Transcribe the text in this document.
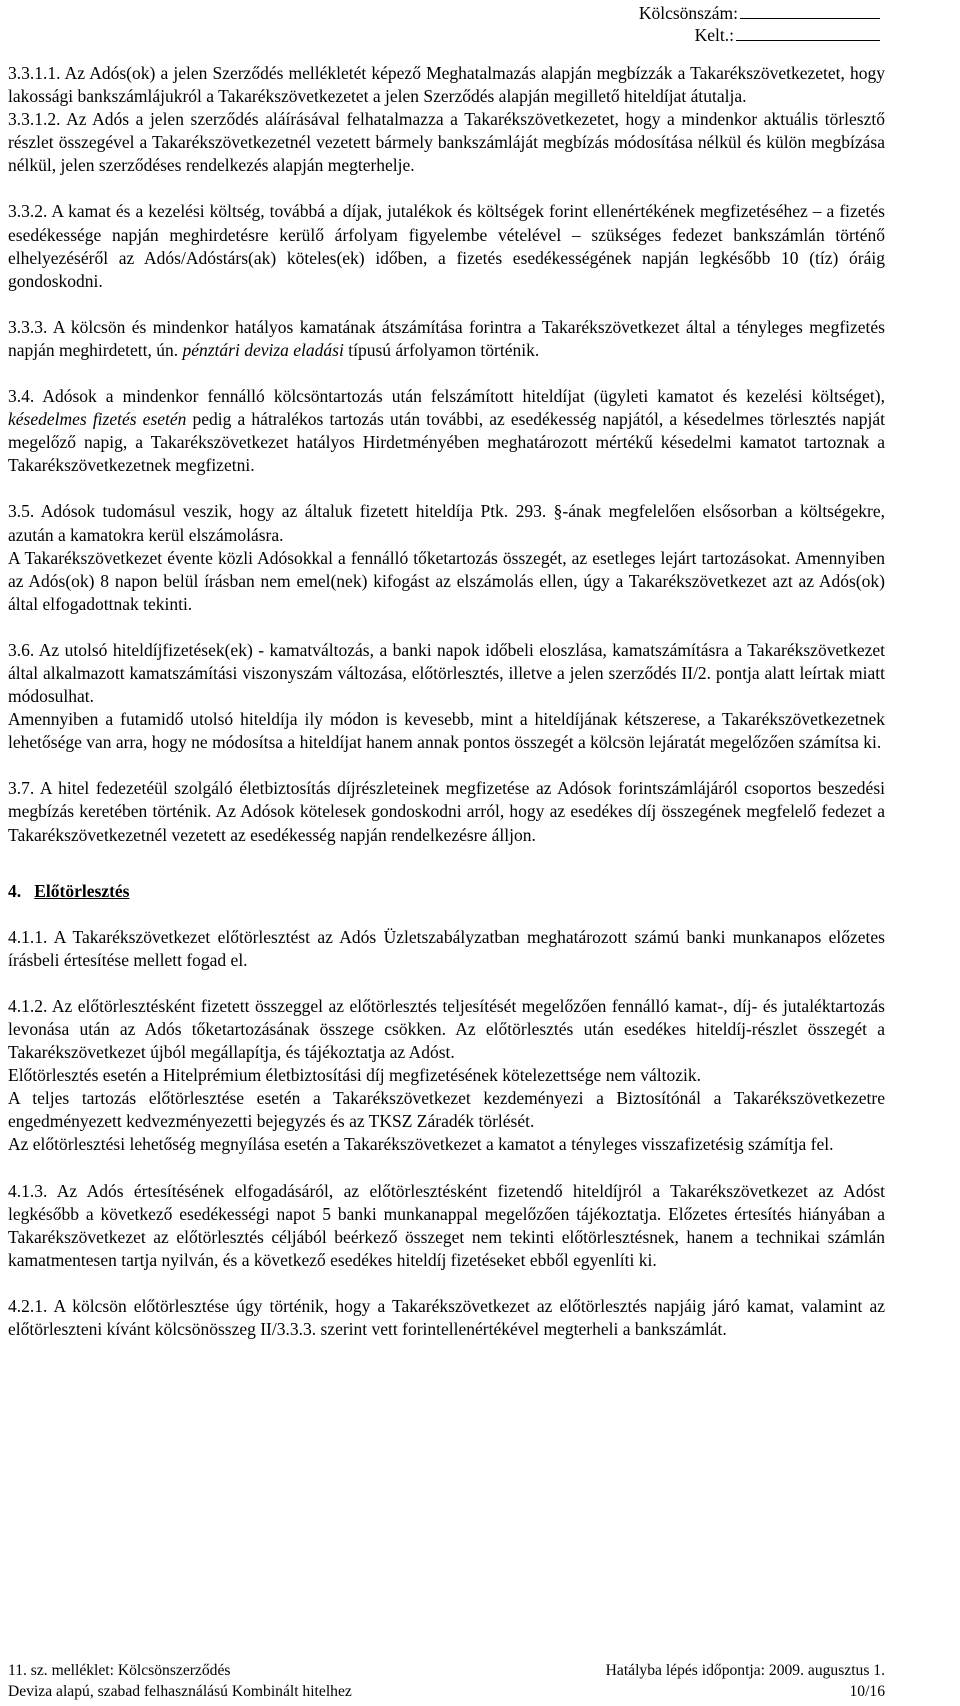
Kölcsönszám:
Kelt.:

3.3.1.1. Az Adós(ok) a jelen Szerződés mellékletét képező Meghatalmazás alapján megbízzák a Takarékszövetkezetet, hogy lakossági bankszámlájukról a Takarékszövetkezetet a jelen Szerződés alapján megillető hiteldíjat átutalja.

3.3.1.2. Az Adós a jelen szerződés aláírásával felhatalmazza a Takarékszövetkezetet, hogy a mindenkor aktuális törlesztő részlet összegével a Takarékszövetkezetnél vezetett bármely bankszámláját megbízás módosítása nélkül és külön megbízása nélkül, jelen szerződéses rendelkezés alapján megterhelje.

3.3.2. A kamat és a kezelési költség, továbbá a díjak, jutalékok és költségek forint ellenértékének megfizetéséhez – a fizetés esedékessége napján meghirdetésre kerülő árfolyam figyelembe vételével – szükséges fedezet bankszámlán történő elhelyezéséről az Adós/Adóstárs(ak) köteles(ek) időben, a fizetés esedékességének napján legkésőbb 10 (tíz) óráig gondoskodni.

3.3.3. A kölcsön és mindenkor hatályos kamatának átszámítása forintra a Takarékszövetkezet által a tényleges megfizetés napján meghirdetett, ún. pénztári deviza eladási típusú árfolyamon történik.

3.4. Adósok a mindenkor fennálló kölcsöntartozás után felszámított hiteldíjat (ügyleti kamatot és kezelési költséget), késedelmes fizetés esetén pedig a hátralékos tartozás után további, az esedékesség napjától, a késedelmes törlesztés napját megelőző napig, a Takarékszövetkezet hatályos Hirdetményében meghatározott mértékű késedelmi kamatot tartoznak a Takarékszövetkezetnek megfizetni.

3.5. Adósok tudomásul veszik, hogy az általuk fizetett hiteldíja Ptk. 293. §-ának megfelelően elsősorban a költségekre, azután a kamatokra kerül elszámolásra.

A Takarékszövetkezet évente közli Adósokkal a fennálló tőketartozás összegét, az esetleges lejárt tartozásokat. Amennyiben az Adós(ok) 8 napon belül írásban nem emel(nek) kifogást az elszámolás ellen, úgy a Takarékszövetkezet azt az Adós(ok) által elfogadottnak tekinti.

3.6. Az utolsó hiteldíjfizetések(ek) - kamatváltozás, a banki napok időbeli eloszlása, kamatszámításra a Takarékszövetkezet által alkalmazott kamatszámítási viszonyszám változása, előtörlesztés, illetve a jelen szerződés II/2. pontja alatt leírtak miatt módosulhat.

Amennyiben a futamidő utolsó hiteldíja ily módon is kevesebb, mint a hiteldíjának kétszerese, a Takarékszövetkezetnek lehetősége van arra, hogy ne módosítsa a hiteldíjat hanem annak pontos összegét a kölcsön lejáratát megelőzően számítsa ki.

3.7. A hitel fedezetéül szolgáló életbiztosítás díjrészleteinek megfizetése az Adósok forintszámlájáról csoportos beszedési megbízás keretében történik. Az Adósok kötelesek gondoskodni arról, hogy az esedékes díj összegének megfelelő fedezet a Takarékszövetkezetnél vezetett az esedékesség napján rendelkezésre álljon.

4. Előtörlesztés

4.1.1. A Takarékszövetkezet előtörlesztést az Adós Üzletszabályzatban meghatározott számú banki munkanapos előzetes írásbeli értesítése mellett fogad el.

4.1.2. Az előtörlesztésként fizetett összeggel az előtörlesztés teljesítését megelőzően fennálló kamat-, díj- és jutaléktartozás levonása után az Adós tőketartozásának összege csökken. Az előtörlesztés után esedékes hiteldíj-részlet összegét a Takarékszövetkezet újból megállapítja, és tájékoztatja az Adóst.

Előtörlesztés esetén a Hitelprémium életbiztosítási díj megfizetésének kötelezettsége nem változik.

A teljes tartozás előtörlesztése esetén a Takarékszövetkezet kezdeményezi a Biztosítónál a Takarékszövetkezetre engedményezett kedvezményezetti bejegyzés és az TKSZ Záradék törlését.

Az előtörlesztési lehetőség megnyílása esetén a Takarékszövetkezet a kamatot a tényleges visszafizetésig számítja fel.

4.1.3. Az Adós értesítésének elfogadásáról, az előtörlesztésként fizetendő hiteldíjról a Takarékszövetkezet az Adóst legkésőbb a következő esedékességi napot 5 banki munkanappal megelőzően tájékoztatja. Előzetes értesítés hiányában a Takarékszövetkezet az előtörlesztés céljából beérkező összeget nem tekinti előtörlesztésnek, hanem a technikai számlán kamatmentesen tartja nyilván, és a következő esedékes hiteldíj fizetéseket ebből egyenlíti ki.

4.2.1. A kölcsön előtörlesztése úgy történik, hogy a Takarékszövetkezet az előtörlesztés napjáig járó kamat, valamint az előtörleszteni kívánt kölcsönösszeg II/3.3.3. szerint vett forintellenértékével megterheli a bankszámlát.

11. sz. melléklet: Kölcsönszerződés	Hatályba lépés időpontja: 2009. augusztus 1.
Deviza alapú, szabad felhasználású Kombinált hitelhez	10/16
